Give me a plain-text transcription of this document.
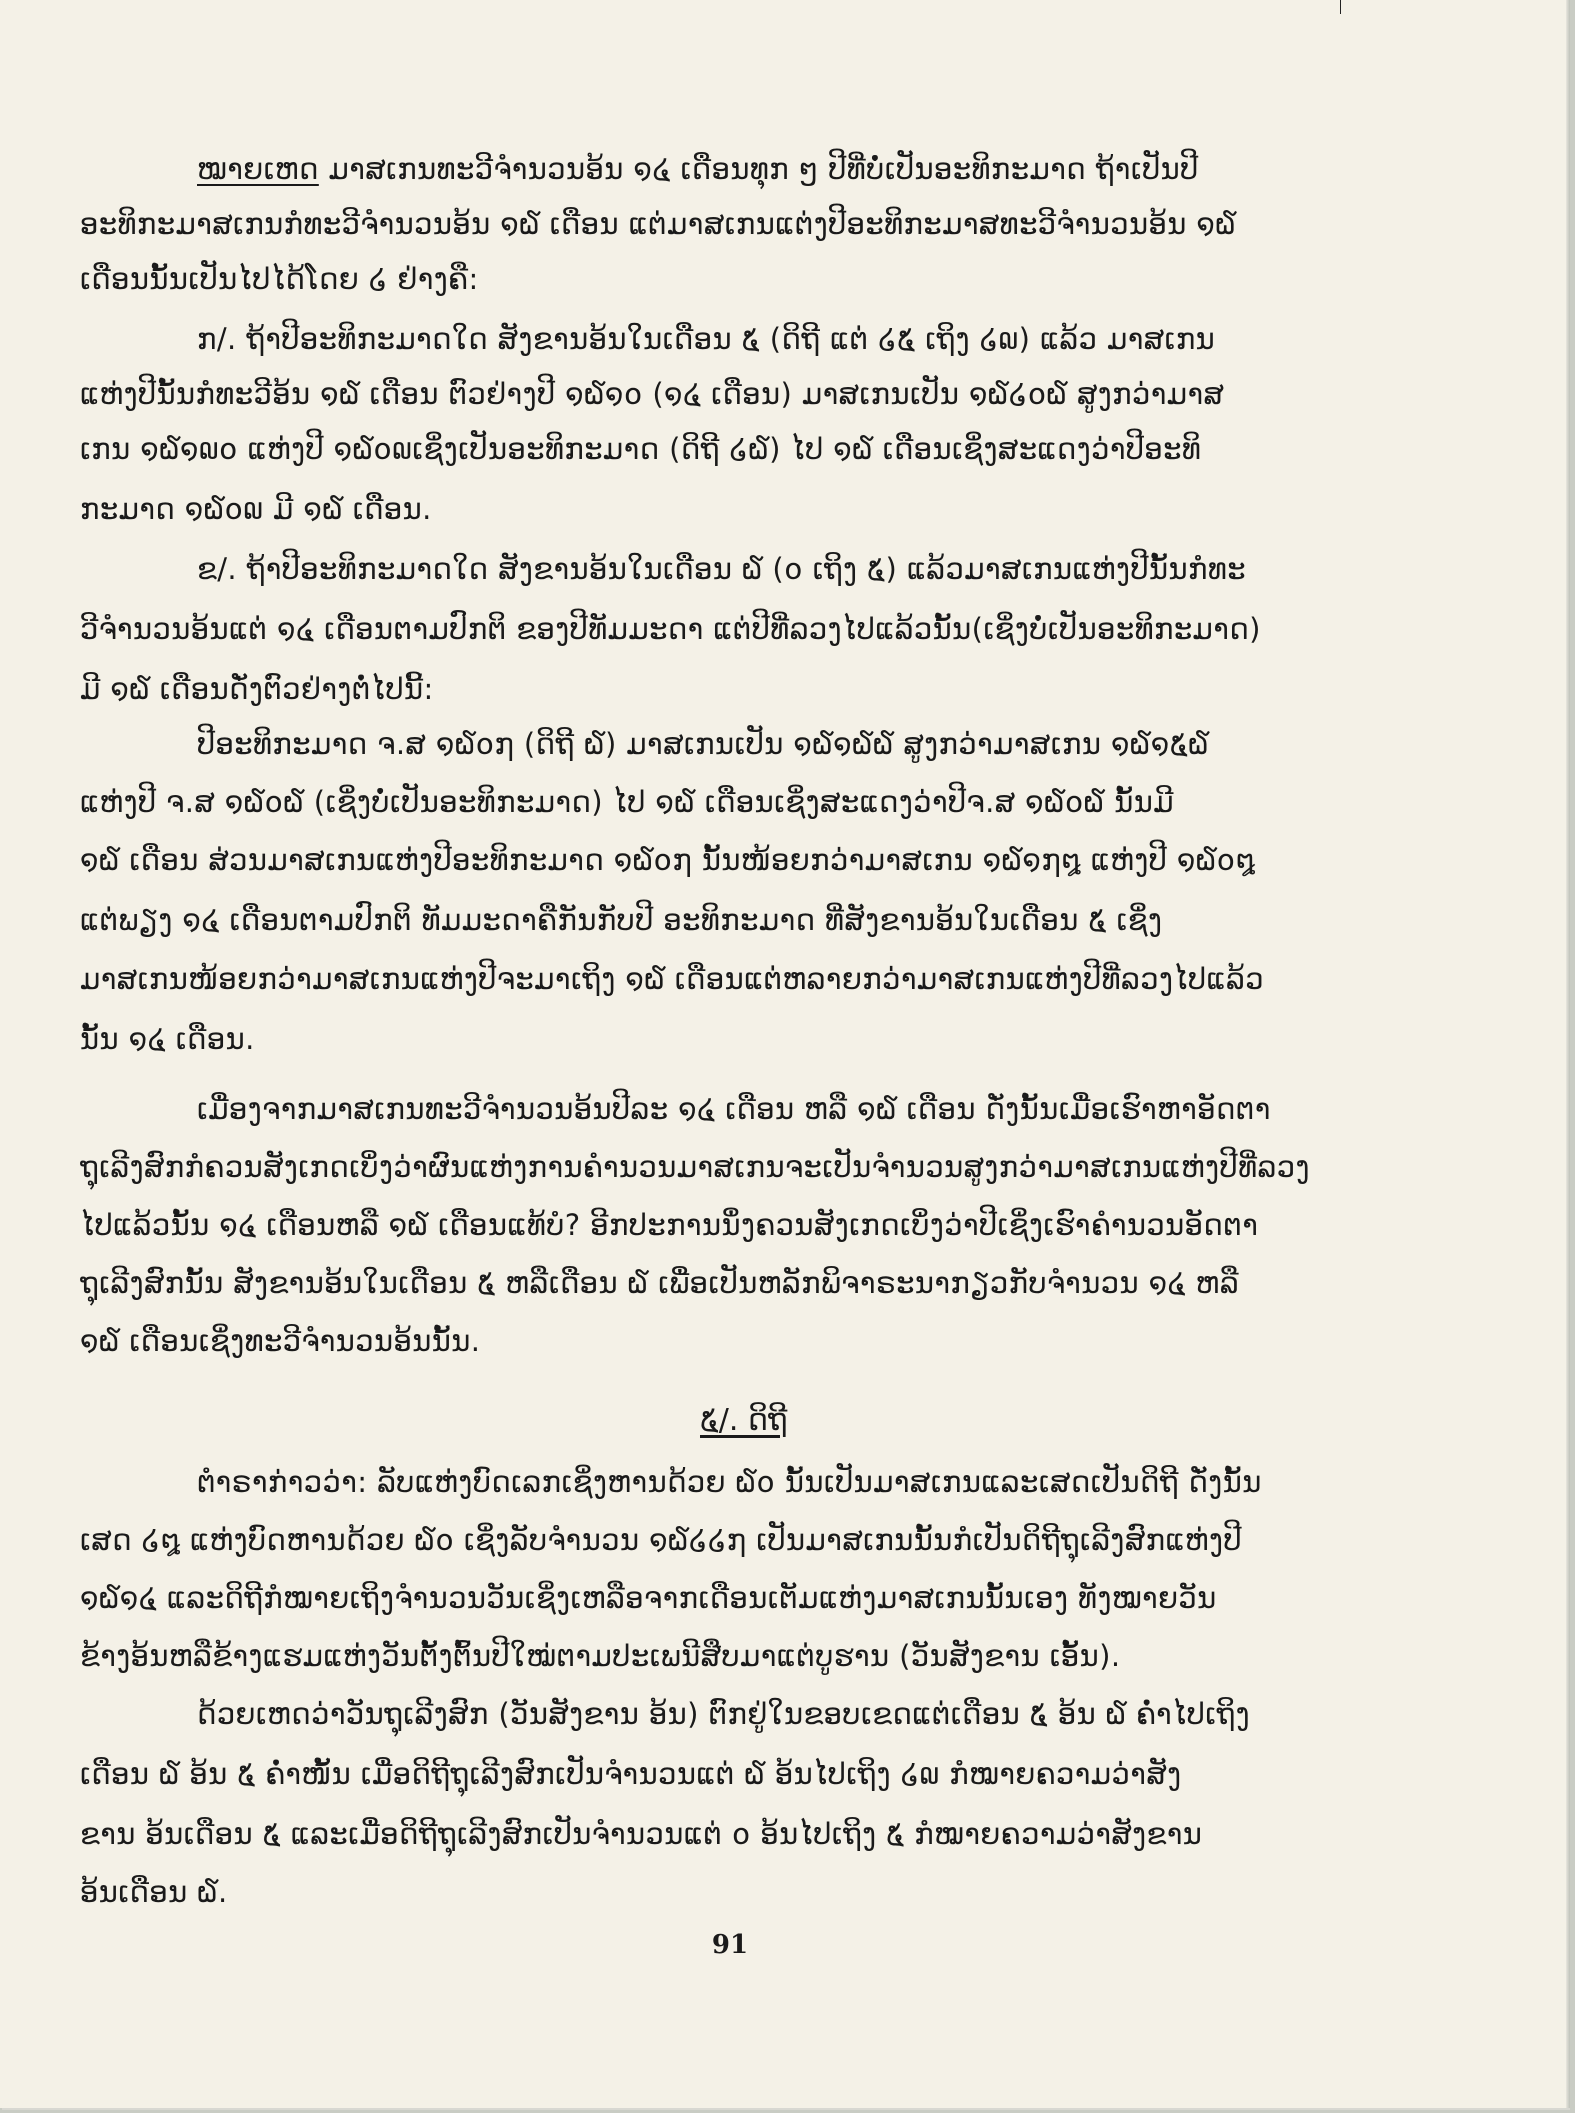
ໝາຍເຫດ ມາສເກນທະວີຈຳນວນອ້ນ ໑໔ ເດືອນທຸກ ໆ ປີທີ່ບໍ່ເປັນອະທິກະມາດ ຖ້າເປັນປີ
ອະທິກະມາສເກນກໍທະວີຈຳນວນອ້ນ ໑໖ ເດືອນ ແຕ່ມາສເກນແຕ່ງປີອະທິກະມາສທະວີຈຳນວນອ້ນ ໑໖
ເດືອນນັ້ນເປັນໄປໄດ້ໂດຍ ໒ ຢ່າງຄື:
ກ/. ຖ້າປີອະທິກະມາດໃດ ສັງຂານອ້ນໃນເດືອນ ໕ (ດິຖີ ແຕ່ ໒໕ ເຖິງ ໒໙) ແລ້ວ ມາສເກນ
ແຫ່ງປີນັ້ນກໍທະວີອ້ນ ໑໖ ເດືອນ ຕົວຢ່າງປີ ໑໖໑໐ (໑໔ ເດືອນ) ມາສເກນເປັນ ໑໖໒໐໖ ສູງກວ່າມາສ
ເກນ ໑໖໑໙໐ ແຫ່ງປີ ໑໖໐໙ເຊິ່ງເປັນອະທິກະມາດ (ດິຖີ ໒໖) ໄປ ໑໖ ເດືອນເຊິ່ງສະແດງວ່າປີອະທິ
ກະມາດ ໑໖໐໙ ມີ ໑໖ ເດືອນ.
ຂ/. ຖ້າປີອະທິກະມາດໃດ ສັງຂານອ້ນໃນເດືອນ ໖ (໐ ເຖິງ ໕) ແລ້ວມາສເກນແຫ່ງປີນັ້ນກໍທະ
ວີຈຳນວນອ້ນແຕ່ ໑໔ ເດືອນຕາມປົກຕິ ຂອງປີທັມມະດາ ແຕ່ປີທີ່ລວງໄປແລ້ວນັ້ນ(ເຊິ່ງບໍ່ເປັນອະທິກະມາດ)
ມີ ໑໖ ເດືອນດັ່ງຕົວຢ່າງຕໍ່ໄປນີ້:
ປີອະທິກະມາດ ຈ.ສ ໑໖໐໗ (ດິຖີ ໖) ມາສເກນເປັນ ໑໖໑໖໖ ສູງກວ່າມາສເກນ ໑໖໑໕໖
ແຫ່ງປີ ຈ.ສ ໑໖໐໖ (ເຊິ່ງບໍ່ເປັນອະທິກະມາດ) ໄປ ໑໖ ເດືອນເຊິ່ງສະແດງວ່າປີຈ.ສ ໑໖໐໖ ນັ້ນມີ
໑໖ ເດືອນ ສ່ວນມາສເກນແຫ່ງປີອະທິກະມາດ ໑໖໐໗ ນັ້ນໜ້ອຍກວ່າມາສເກນ ໑໖໑໗໘ ແຫ່ງປີ ໑໖໐໘
ແຕ່ພຽງ ໑໔ ເດືອນຕາມປົກຕິ ທັມມະດາຄືກັນກັບປີ ອະທິກະມາດ ທີ່ສັງຂານອ້ນໃນເດືອນ ໕ ເຊິ່ງ
ມາສເກນໜ້ອຍກວ່າມາສເກນແຫ່ງປີຈະມາເຖິງ ໑໖ ເດືອນແຕ່ຫລາຍກວ່າມາສເກນແຫ່ງປີທີ່ລວງໄປແລ້ວ
ນັ້ນ ໑໔ ເດືອນ.
ເມື່ອງຈາກມາສເກນທະວີຈຳນວນອ້ນປີລະ ໑໔ ເດືອນ ຫລື ໑໖ ເດືອນ ດັ່ງນັ້ນເມື່ອເຮົາຫາອັດຕາ
ຖຸເລີງສົກກໍຄວນສັງເກດເບິ່ງວ່າຜົນແຫ່ງການຄຳນວນມາສເກນຈະເປັນຈຳນວນສູງກວ່າມາສເກນແຫ່ງປີທີ່ລວງ
ໄປແລ້ວນັ້ນ ໑໔ ເດືອນຫລື ໑໖ ເດືອນແທ້ບໍ? ອີກປະການນຶ່ງຄວນສັງເກດເບິ່ງວ່າປີເຊິ່ງເຮົາຄຳນວນອັດຕາ
ຖຸເລີງສົກນັ້ນ ສັງຂານອ້ນໃນເດືອນ ໕ ຫລືເດືອນ ໖ ເພື່ອເປັນຫລັກພິຈາຣະນາກຽວກັບຈຳນວນ ໑໔ ຫລື
໑໖ ເດືອນເຊິ່ງທະວີຈຳນວນອ້ນນັ້ນ.
໕/. ດິຖີ
ຕຳຣາກ່າວວ່າ: ລັບແຫ່ງບົດເລກເຊິ່ງຫານດ້ວຍ ໖໐ ນັ້ນເປັນມາສເກນແລະເສດເປັນດິຖີ ດັ່ງນັ້ນ
ເສດ ໒໘ ແຫ່ງບົດຫານດ້ວຍ ໖໐ ເຊິ່ງລັບຈຳນວນ ໑໖໒໒໗ ເປັນມາສເກນນັ້ນກໍເປັນດິຖີຖຸເລີງສົກແຫ່ງປີ
໑໖໑໔ ແລະດິຖີກໍໝາຍເຖິງຈຳນວນວັນເຊິ່ງເຫລືອຈາກເດືອນເຕັມແຫ່ງມາສເກນນັ້ນເອງ ທັງໝາຍວັນ
ຂ້າງອ້ນຫລືຂ້າງແຮມແຫ່ງວັນຕັ້ງຕົ້ນປີໃໝ່ຕາມປະເພນີສືບມາແຕ່ບູຮານ (ວັນສັງຂານ ເອັ້ນ).
ດ້ວຍເຫດວ່າວັນຖຸເລີງສົກ (ວັນສັງຂານ ອ້ນ) ຕົກຢູ່ໃນຂອບເຂດແຕ່ເດືອນ ໕ ອ້ນ ໖ ຄ່ຳໄປເຖິງ
ເດືອນ ໖ ອ້ນ ໕ ຄ່ຳໜັ້ນ ເມື່ອດິຖີຖຸເລີງສົກເປັນຈຳນວນແຕ່ ໖ ອ້ນໄປເຖິງ ໒໙ ກໍໝາຍຄວາມວ່າສັງ
ຂານ ອ້ນເດືອນ ໕ ແລະເມື່ອດິຖີຖຸເລີງສົກເປັນຈຳນວນແຕ່ ໐ ອ້ນໄປເຖິງ ໕ ກໍໝາຍຄວາມວ່າສັງຂານ
ອ້ນເດືອນ ໖.
91
